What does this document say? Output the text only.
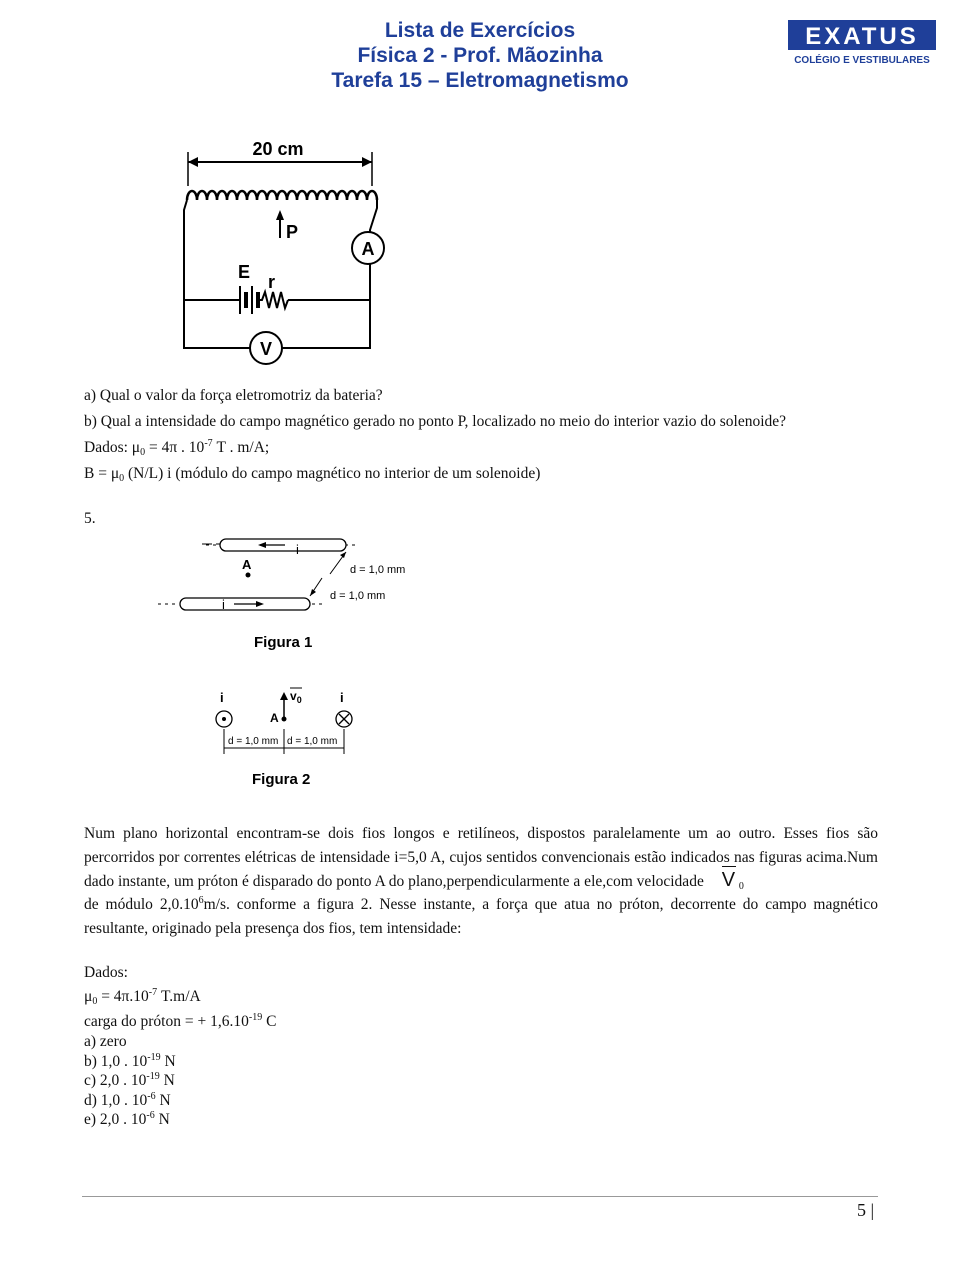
Lista de Exercícios
Física 2 - Prof. Mãozinha
Tarefa 15 – Eletromagnetismo
EXATUS
COLÉGIO E VESTIBULARES
20 cm
A
P
E r
V
a) Qual o valor da força eletromotriz da bateria?
b) Qual a intensidade do campo magnético gerado no ponto P, localizado no meio do interior vazio do solenoide?
Dados: $\mu_0 = 4\pi$ . $10^{-7}$ T . m/A;
$B = \mu_0$ (N/L) i (módulo do campo magnético no interior de um solenoide)
5.
i
A
i
d = 1,0 mm
d = 1,0 mm
Figura 1
i	i
$v_0$
A
d = 1,0 mm d = 1,0 mm
Figura 2
Num plano horizontal encontram-se dois fios longos e retilíneos, dispostos paralelamente um ao outro. Esses fios são percorridos por correntes elétricas de intensidade i=5,0 A, cujos sentidos convencionais estão indicados nas figuras acima.Num dado instante, um próton é disparado do ponto A do plano,perpendicularmente a ele,com velocidade V $_0$
de módulo 2,0.10$^6$m/s. conforme a figura 2. Nesse instante, a força que atua no próton, decorrente do campo magnético resultante, originado pela presença dos fios, tem intensidade:
Dados:
$\mu_0 = 4\pi.10^{-7}$ T.m/A
carga do próton = + $1,6.10^{-19}$ C
a) zero
b) 1,0 . $10^{-19}$ N
c) 2,0 . $10^{-19}$ N
d) 1,0 . $10^{-6}$ N
e) 2,0 . $10^{-6}$ N
5 |
